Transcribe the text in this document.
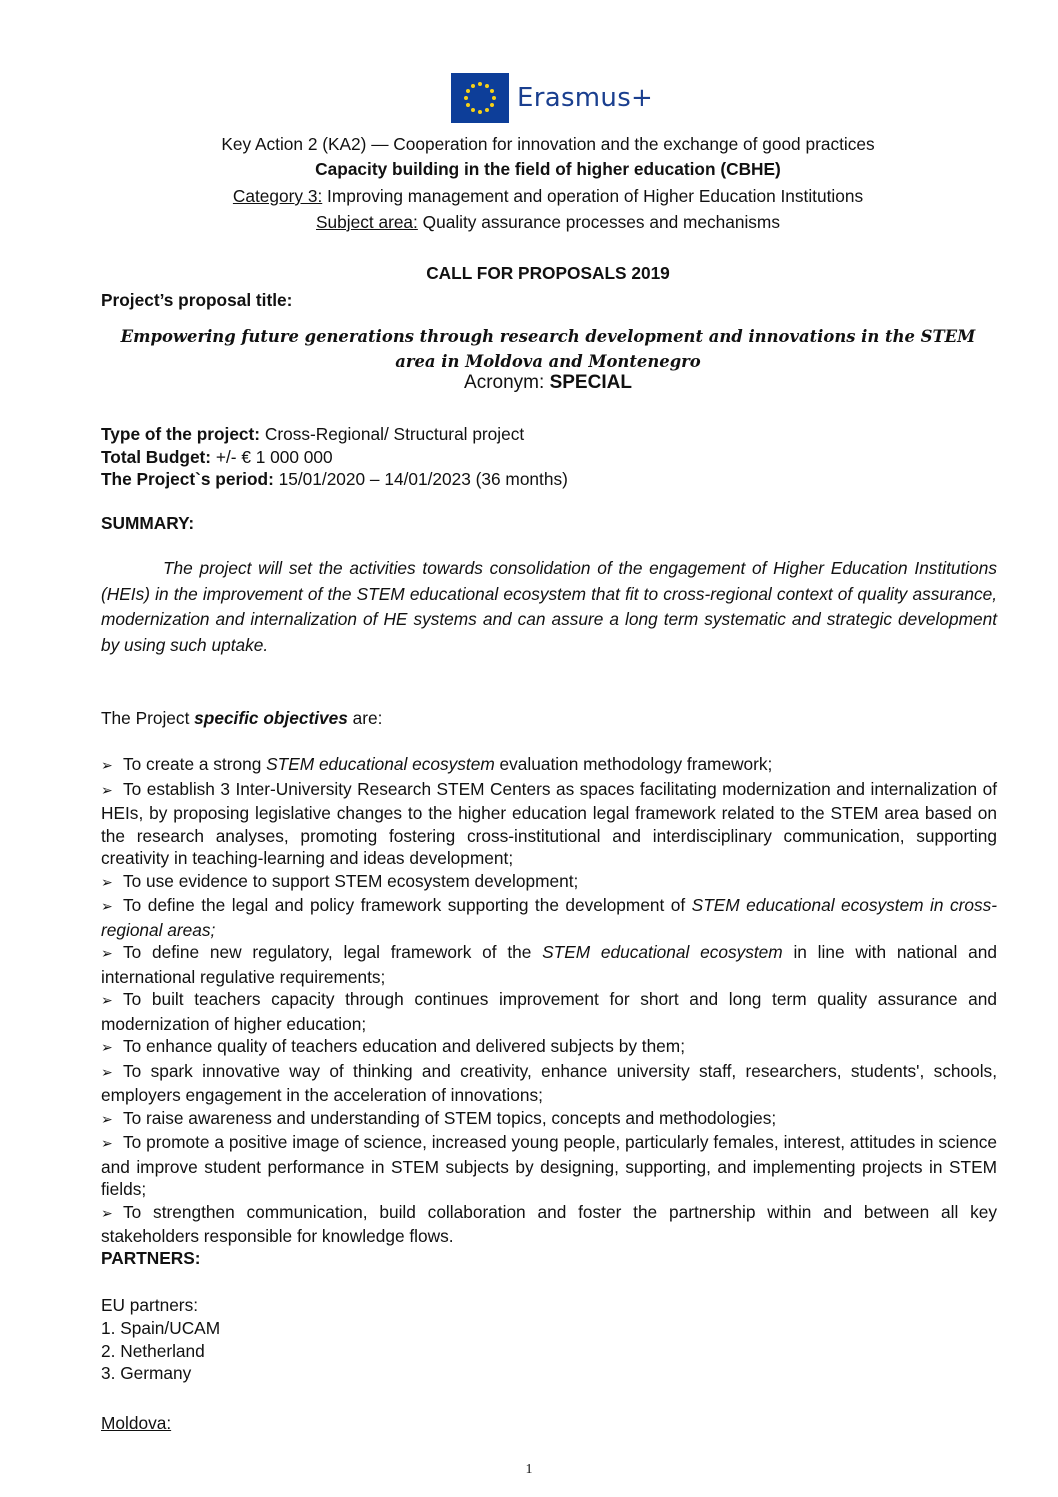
Erasmus+
Key Action 2 (KA2) — Cooperation for innovation and the exchange of good practices
Capacity building in the field of higher education (CBHE)
Category 3: Improving management and operation of Higher Education Institutions
Subject area: Quality assurance processes and mechanisms
CALL FOR PROPOSALS 2019
Project’s proposal title:
Empowering future generations through research development and innovations in the STEM area in Moldova and Montenegro
Acronym: SPECIAL
Type of the project: Cross-Regional/ Structural project
Total Budget: +/- € 1 000 000
The Project`s period: 15/01/2020 – 14/01/2023 (36 months)
SUMMARY:
The project will set the activities towards consolidation of the engagement of Higher Education Institutions (HEIs) in the improvement of the STEM educational ecosystem that fit to cross-regional context of quality assurance, modernization and internalization of HE systems and can assure a long term systematic and strategic development by using such uptake.
The Project specific objectives are:
➢ To create a strong STEM educational ecosystem evaluation methodology framework;
➢ To establish 3 Inter-University Research STEM Centers as spaces facilitating modernization and internalization of HEIs, by proposing legislative changes to the higher education legal framework related to the STEM area based on the research analyses, promoting fostering cross-institutional and interdisciplinary communication, supporting creativity in teaching-learning and ideas development;
➢ To use evidence to support STEM ecosystem development;
➢ To define the legal and policy framework supporting the development of STEM educational ecosystem in cross-regional areas;
➢ To define new regulatory, legal framework of the STEM educational ecosystem in line with national and international regulative requirements;
➢ To built teachers capacity through continues improvement for short and long term quality assurance and modernization of higher education;
➢ To enhance quality of teachers education and delivered subjects by them;
➢ To spark innovative way of thinking and creativity, enhance university staff, researchers, students', schools, employers engagement in the acceleration of innovations;
➢ To raise awareness and understanding of STEM topics, concepts and methodologies;
➢ To promote a positive image of science, increased young people, particularly females, interest, attitudes in science and improve student performance in STEM subjects by designing, supporting, and implementing projects in STEM fields;
➢ To strengthen communication, build collaboration and foster the partnership within and between all key stakeholders responsible for knowledge flows.
PARTNERS:
EU partners:
1. Spain/UCAM
2. Netherland
3. Germany
Moldova:
1
